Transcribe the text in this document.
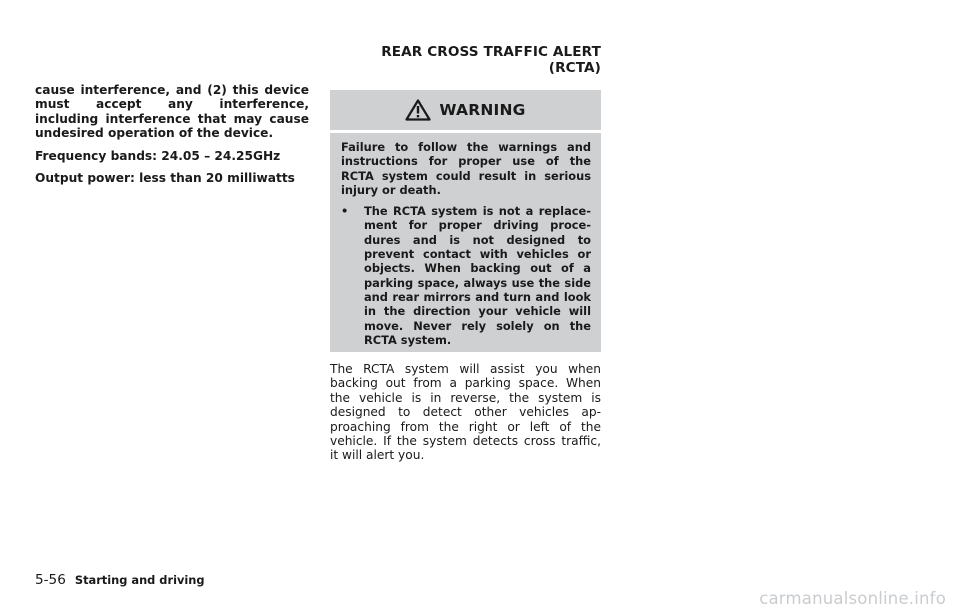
cause interference, and (2) this device must accept any interference, including interference that may cause undesired operation of the device.

Frequency bands: 24.05 – 24.25GHz

Output power: less than 20 milliwatts

REAR CROSS TRAFFIC ALERT (RCTA)
WARNING

Failure to follow the warnings and instructions for proper use of the RCTA system could result in serious injury or death.

• The RCTA system is not a replacement for proper driving procedures and is not designed to prevent contact with vehicles or objects. When backing out of a parking space, always use the side and rear mirrors and turn and look in the direction your vehicle will move. Never rely solely on the RCTA system.

The RCTA system will assist you when backing out from a parking space. When the vehicle is in reverse, the system is designed to detect other vehicles approaching from the right or left of the vehicle. If the system detects cross traffic, it will alert you.

5-56 Starting and driving
carmanualsonline.info
